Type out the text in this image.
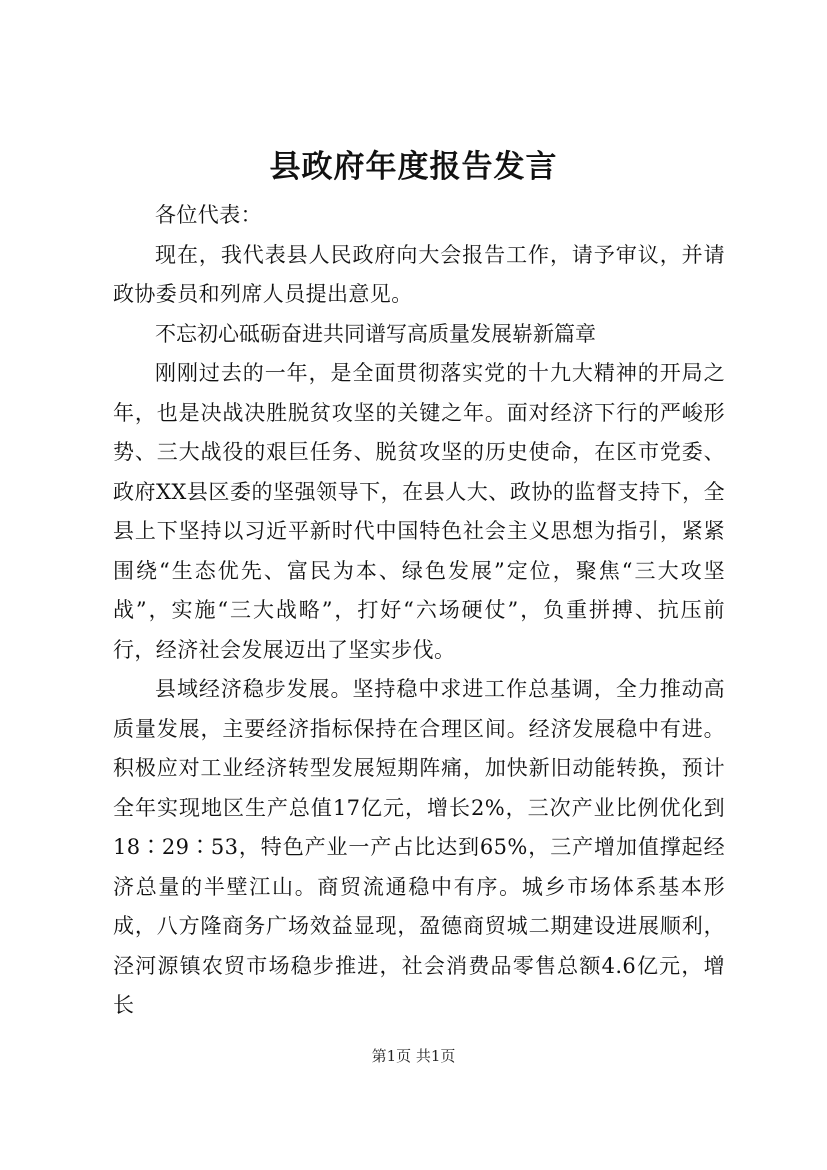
县政府年度报告发言

各位代表：

现在，我代表县人民政府向大会报告工作，请予审议，并请政协委员和列席人员提出意见。

不忘初心砥砺奋进共同谱写高质量发展崭新篇章

刚刚过去的一年，是全面贯彻落实党的十九大精神的开局之年，也是决战决胜脱贫攻坚的关键之年。面对经济下行的严峻形势、三大战役的艰巨任务、脱贫攻坚的历史使命，在区市党委、政府XX县区委的坚强领导下，在县人大、政协的监督支持下，全县上下坚持以习近平新时代中国特色社会主义思想为指引，紧紧围绕“生态优先、富民为本、绿色发展”定位，聚焦“三大攻坚战”，实施“三大战略”，打好“六场硬仗”，负重拼搏、抗压前行，经济社会发展迈出了坚实步伐。

县域经济稳步发展。坚持稳中求进工作总基调，全力推动高质量发展，主要经济指标保持在合理区间。经济发展稳中有进。积极应对工业经济转型发展短期阵痛，加快新旧动能转换，预计全年实现地区生产总值17亿元，增长2%，三次产业比例优化到18∶29∶53，特色产业一产占比达到65%，三产增加值撑起经济总量的半壁江山。商贸流通稳中有序。城乡市场体系基本形成，八方隆商务广场效益显现，盈德商贸城二期建设进展顺利，泾河源镇农贸市场稳步推进，社会消费品零售总额4.6亿元，增长

第1页 共1页
